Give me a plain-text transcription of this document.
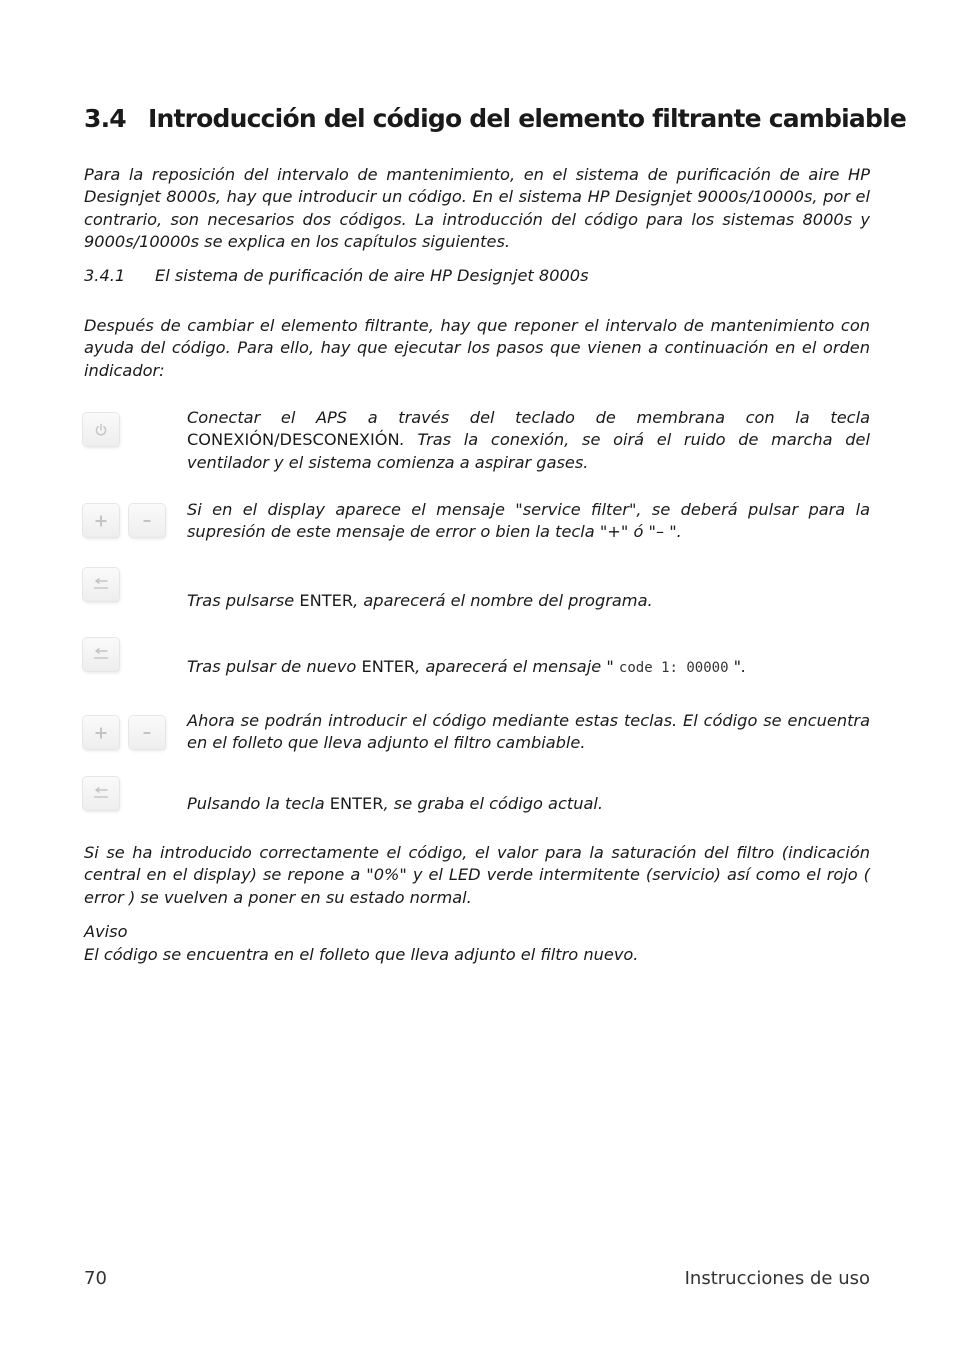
3.4 Introducción del código del elemento filtrante cambiable
Para la reposición del intervalo de mantenimiento, en el sistema de purificación de aire HP Designjet 8000s, hay que introducir un código. En el sistema HP Designjet 9000s/10000s, por el contrario, son necesarios dos códigos. La introducción del código para los sistemas 8000s y 9000s/10000s se explica en los capítulos siguientes.
3.4.1 El sistema de purificación de aire HP Designjet 8000s
Después de cambiar el elemento filtrante, hay que reponer el intervalo de mantenimiento con ayuda del código. Para ello, hay que ejecutar los pasos que vienen a continuación en el orden indicador:
Conectar el APS a través del teclado de membrana con la tecla CONEXIÓN/DESCONEXIÓN. Tras la conexión, se oirá el ruido de marcha del ventilador y el sistema comienza a aspirar gases.
Si en el display aparece el mensaje "service filter", se deberá pulsar para la supresión de este mensaje de error o bien la tecla "+" ó "– ".
Tras pulsarse ENTER, aparecerá el nombre del programa.
Tras pulsar de nuevo ENTER, aparecerá el mensaje " code 1: 00000 ".
Ahora se podrán introducir el código mediante estas teclas. El código se encuentra en el folleto que lleva adjunto el filtro cambiable.
Pulsando la tecla ENTER, se graba el código actual.
Si se ha introducido correctamente el código, el valor para la saturación del filtro (indicación central en el display) se repone a "0%" y el LED verde intermitente (servicio) así como el rojo ( error ) se vuelven a poner en su estado normal.
Aviso
El código se encuentra en el folleto que lleva adjunto el filtro nuevo.
70	Instrucciones de uso
